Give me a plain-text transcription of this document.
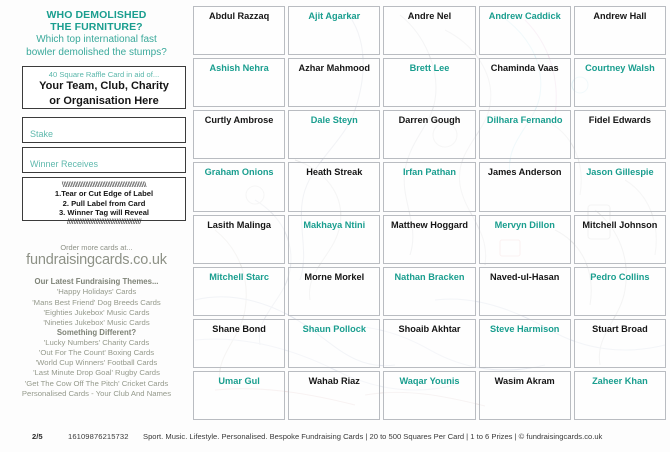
WHO DEMOLISHED
THE FURNITURE?
Which top international fast
bowler demolished the stumps?
40 Square Raffle Card in aid of...
Your Team, Club, Charity
or Organisation Here
Stake
Winner Receives
\\\\\\\\\\\\\\\\\\\\\\\\\\\\\\\\\\\\\\\\\\\\\\\\\\
1.Tear or Cut Edge of Label
2. Pull Label from Card
3. Winner Tag will Reveal
////////////////////////////////////////////
Order more cards at...
fundraisingcards.co.uk
Our Latest Fundraising Themes...
'Happy Holidays' Cards
'Mans Best Friend' Dog Breeds Cards
'Eighties Jukebox' Music Cards
'Nineties Jukebox' Music Cards
Something Different?
'Lucky Numbers' Charity Cards
'Out For The Count' Boxing Cards
'World Cup Winners' Football Cards
'Last Minute Drop Goal' Rugby Cards
'Get The Cow Off The Pitch' Cricket Cards
Personalised Cards - Your Club And Names
Abdul Razzaq	Ajit Agarkar	Andre Nel	Andrew Caddick	Andrew Hall
Ashish Nehra	Azhar Mahmood	Brett Lee	Chaminda Vaas	Courtney Walsh
Curtly Ambrose	Dale Steyn	Darren Gough	Dilhara Fernando	Fidel Edwards
Graham Onions	Heath Streak	Irfan Pathan	James Anderson	Jason Gillespie
Lasith Malinga	Makhaya Ntini	Matthew Hoggard	Mervyn Dillon	Mitchell Johnson
Mitchell Starc	Morne Morkel	Nathan Bracken	Naved-ul-Hasan	Pedro Collins
Shane Bond	Shaun Pollock	Shoaib Akhtar	Steve Harmison	Stuart Broad
Umar Gul	Wahab Riaz	Waqar Younis	Wasim Akram	Zaheer Khan
2/5	16109876215732 Sport. Music. Lifestyle. Personalised. Bespoke Fundraising Cards | 20 to 500 Squares Per Card | 1 to 6 Prizes | © fundraisingcards.co.uk
